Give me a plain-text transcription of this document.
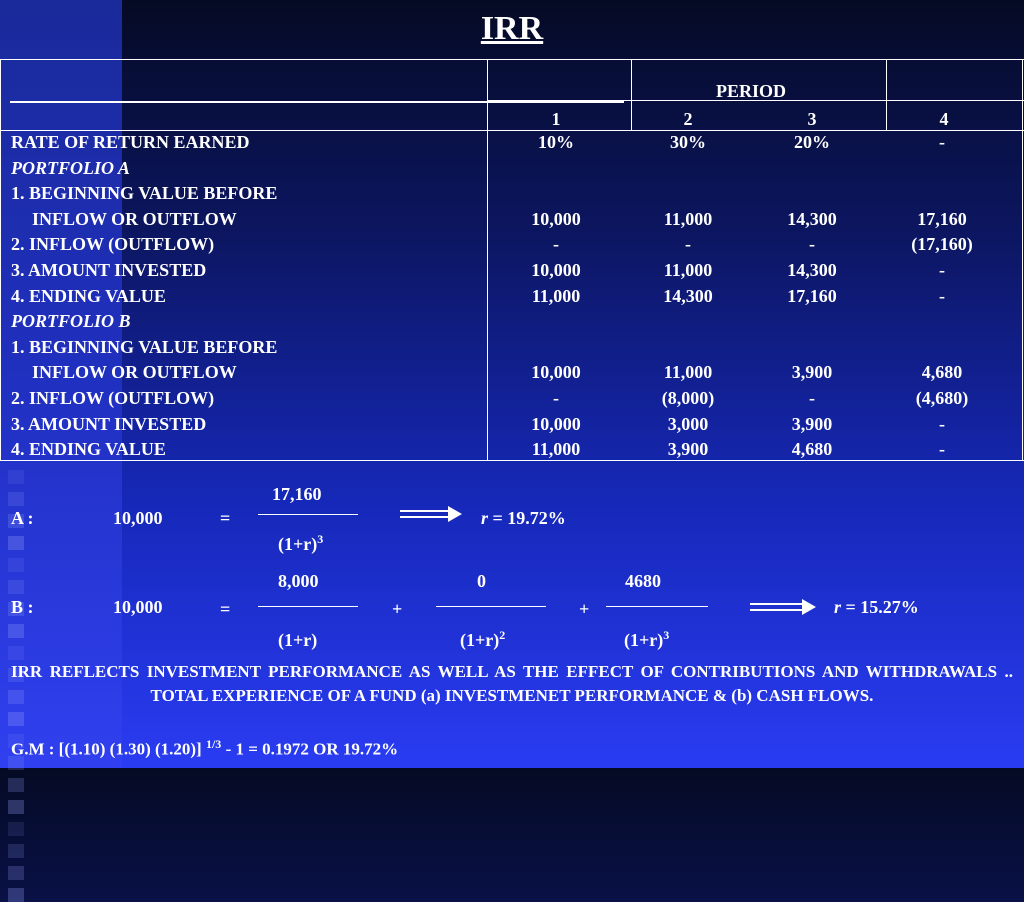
IRR
PERIOD
1	2	3	4
RATE OF RETURN EARNED	10%	30%	20%	-
PORTFOLIO A
1. BEGINNING VALUE BEFORE
INFLOW OR OUTFLOW	10,000	11,000	14,300	17,160
2. INFLOW (OUTFLOW)	-	-	-	(17,160)
3. AMOUNT INVESTED	10,000	11,000	14,300	-
4. ENDING VALUE	11,000	14,300	17,160	-
PORTFOLIO B
1. BEGINNING VALUE BEFORE
INFLOW OR OUTFLOW	10,000	11,000	3,900	4,680
2. INFLOW (OUTFLOW)	-	(8,000)	-	(4,680)
3. AMOUNT INVESTED	10,000	3,000	3,900	-
4. ENDING VALUE	11,000	3,900	4,680	-
A :	10,000	=
17,160
$(1+r)^3$
r = 19.72%
B :	10,000	=
8,000
(1+r)
+
0
$(1+r)^2$
+
4680
$(1+r)^3$
r = 15.27%
IRR REFLECTS INVESTMENT PERFORMANCE AS WELL AS THE EFFECT OF CONTRIBUTIONS AND WITHDRAWALS .. TOTAL EXPERIENCE OF A FUND (a) INVESTMENET PERFORMANCE & (b) CASH FLOWS.
G.M : [(1.10) (1.30) (1.20)] $^{1/3}$ - 1 = 0.1972 OR 19.72%
